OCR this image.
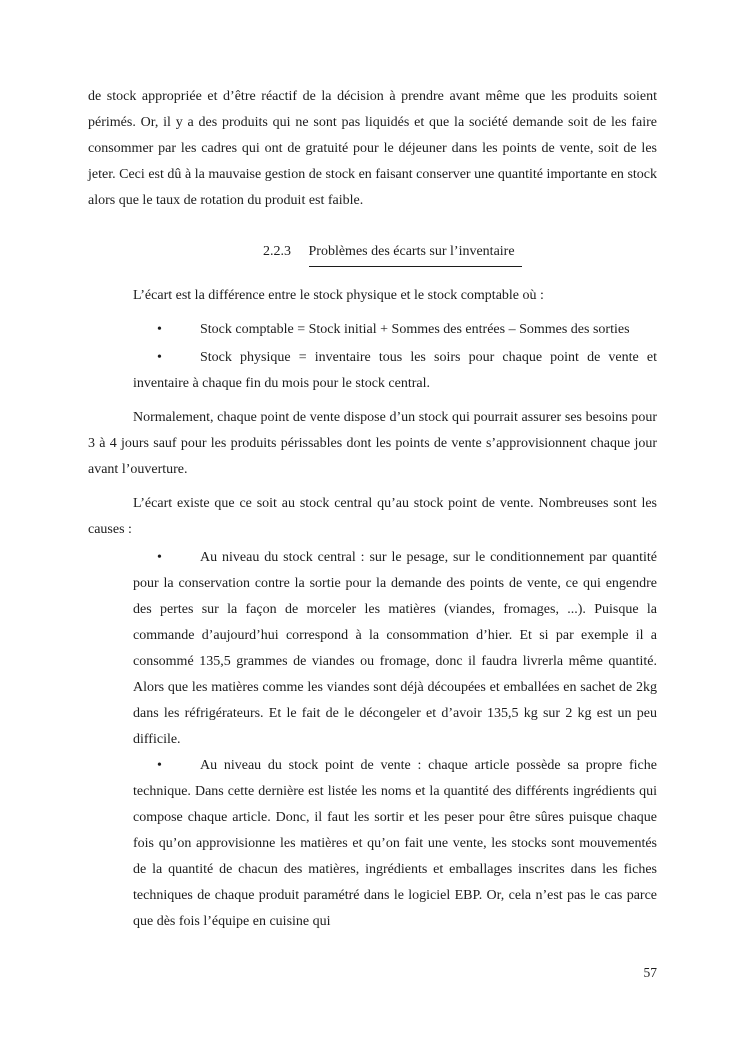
de stock appropriée et d’être réactif de la décision à prendre avant même que les produits soient périmés. Or, il y a des produits qui ne sont pas liquidés et que la société demande soit de les faire consommer par les cadres qui ont de gratuité pour le déjeuner dans les points de vente, soit de les jeter. Ceci est dû à la mauvaise gestion de stock en faisant conserver une quantité importante en stock alors que le taux de rotation du produit est faible.

2.2.3 Problèmes des écarts sur l’inventaire

L’écart est la différence entre le stock physique et le stock comptable où :

•	Stock comptable = Stock initial + Sommes des entrées – Sommes des sorties

•	Stock physique = inventaire tous les soirs pour chaque point de vente et inventaire à chaque fin du mois pour le stock central.

Normalement, chaque point de vente dispose d’un stock qui pourrait assurer ses besoins pour 3 à 4 jours sauf pour les produits périssables dont les points de vente s’approvisionnent chaque jour avant l’ouverture.

L’écart existe que ce soit au stock central qu’au stock point de vente. Nombreuses sont les causes :

•	Au niveau du stock central : sur le pesage, sur le conditionnement par quantité pour la conservation contre la sortie pour la demande des points de vente, ce qui engendre des pertes sur la façon de morceler les matières (viandes, fromages, ...). Puisque la commande d’aujourd’hui correspond à la consommation d’hier. Et si par exemple il a consommé 135,5 grammes de viandes ou fromage, donc il faudra livrerla même quantité. Alors que les matières comme les viandes sont déjà découpées et emballées en sachet de 2kg dans les réfrigérateurs. Et le fait de le décongeler et d’avoir 135,5 kg sur 2 kg est un peu difficile.

•	Au niveau du stock point de vente : chaque article possède sa propre fiche technique. Dans cette dernière est listée les noms et la quantité des différents ingrédients qui compose chaque article. Donc, il faut les sortir et les peser pour être sûres puisque chaque fois qu’on approvisionne les matières et qu’on fait une vente, les stocks sont mouvementés de la quantité de chacun des matières, ingrédients et emballages inscrites dans les fiches techniques de chaque produit paramétré dans le logiciel EBP. Or, cela n’est pas le cas parce que dès fois l’équipe en cuisine qui

57
